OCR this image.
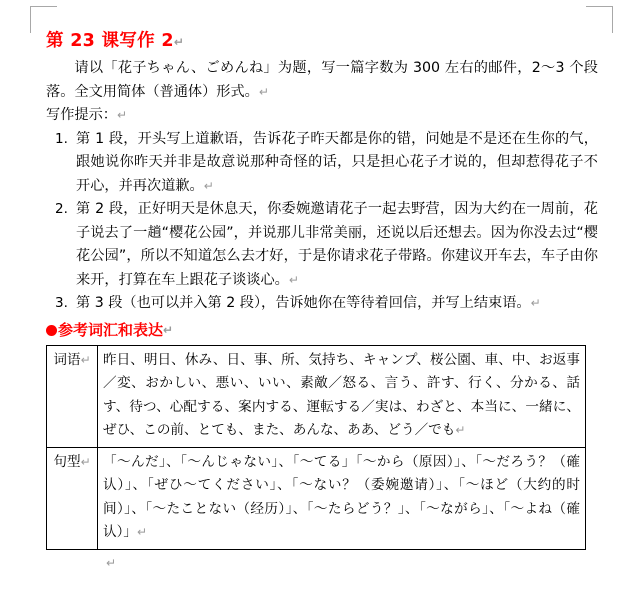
第 23 课写作 2↵

请以「花子ちゃん、ごめんね」为题，写一篇字数为 300 左右的邮件，2～3 个段落。全文用简体（普通体）形式。↵

写作提示：↵

1. 第 1 段，开头写上道歉语，告诉花子昨天都是你的错，问她是不是还在生你的气，跟她说你昨天并非是故意说那种奇怪的话，只是担心花子才说的，但却惹得花子不开心，并再次道歉。↵
2. 第 2 段，正好明天是休息天，你委婉邀请花子一起去野营，因为大约在一周前，花子说去了一趟“樱花公园”，并说那儿非常美丽，还说以后还想去。因为你没去过“樱花公园”，所以不知道怎么去才好，于是你请求花子带路。你建议开车去，车子由你来开，打算在车上跟花子谈谈心。↵
3. 第 3 段（也可以并入第 2 段），告诉她你在等待着回信，并写上结束语。↵

参考词汇和表达 ↵

词语↵	昨日、明日、休み、日、事、所、気持ち、キャンプ、桜公園、車、中、お返事／変、おかしい、悪い、いい、素敵／怒る、言う、許す、行く、分かる、話す、待つ、心配する、案内する、運転する／実は、わざと、本当に、一緒に、ぜひ、この前、とても、また、あんな、ああ、どう／でも↵
句型↵	「～んだ」、「～んじゃない」、「～てる」「～から（原因）」、「～だろう？（確认）」、「ぜひ～てください」、「～ない？（委婉邀请）」、「～ほど（大约的时间）」、「～たことない（经历）」、「～たらどう？」、「～ながら」、「～よね（確认）」↵
↵
